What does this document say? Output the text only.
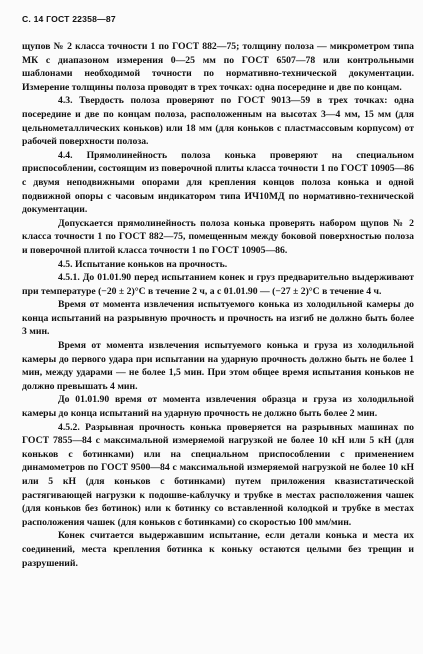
С. 14 ГОСТ 22358—87

щупов № 2 класса точности 1 по ГОСТ 882—75; толщину полоза — микрометром типа МК с диапазоном измерения 0—25 мм по ГОСТ 6507—78 или контрольными шаблонами необходимой точности по нормативно-технической документации. Измерение толщины полоза проводят в трех точках: одна посередине и две по концам.

4.3. Твердость полоза проверяют по ГОСТ 9013—59 в трех точках: одна посередине и две по концам полоза, расположенным на высотах 3—4 мм, 15 мм (для цельнометаллических коньков) или 18 мм (для коньков с пластмассовым корпусом) от рабочей поверхности полоза.

4.4. Прямолинейность полоза конька проверяют на специальном приспособлении, состоящим из поверочной плиты класса точности 1 по ГОСТ 10905—86 с двумя неподвижными опорами для крепления концов полоза конька и одной подвижной опоры с часовым индикатором типа ИЧ10МД по нормативно-технической документации.

Допускается прямолинейность полоза конька проверять набором щупов № 2 класса точности 1 по ГОСТ 882—75, помещенным между боковой поверхностью полоза и поверочной плитой класса точности 1 по ГОСТ 10905—86.

4.5. Испытание коньков на прочность.

4.5.1. До 01.01.90 перед испытанием конек и груз предварительно выдерживают при температуре (−20 ± 2)°С в течение 2 ч, а с 01.01.90 — (−27 ± 2)°С в течение 4 ч.

Время от момента извлечения испытуемого конька из холодильной камеры до конца испытаний на разрывную прочность и прочность на изгиб не должно быть более 3 мин.

Время от момента извлечения испытуемого конька и груза из холодильной камеры до первого удара при испытании на ударную прочность должно быть не более 1 мин, между ударами — не более 1,5 мин. При этом общее время испытания коньков не должно превышать 4 мин.

До 01.01.90 время от момента извлечения образца и груза из холодильной камеры до конца испытаний на ударную прочность не должно быть более 2 мин.

4.5.2. Разрывная прочность конька проверяется на разрывных машинах по ГОСТ 7855—84 с максимальной измеряемой нагрузкой не более 10 кН или 5 кН (для коньков с ботинками) или на специальном приспособлении с применением динамометров по ГОСТ 9500—84 с максимальной измеряемой нагрузкой не более 10 кН или 5 кН (для коньков с ботинками) путем приложения квазистатической растягивающей нагрузки к подошве-каблучку и трубке в местах расположения чашек (для коньков без ботинок) или к ботинку со вставленной колодкой и трубке в местах расположения чашек (для коньков с ботинками) со скоростью 100 мм/мин.

Конек считается выдержавшим испытание, если детали конька и места их соединений, места крепления ботинка к коньку остаются целыми без трещин и разрушений.
